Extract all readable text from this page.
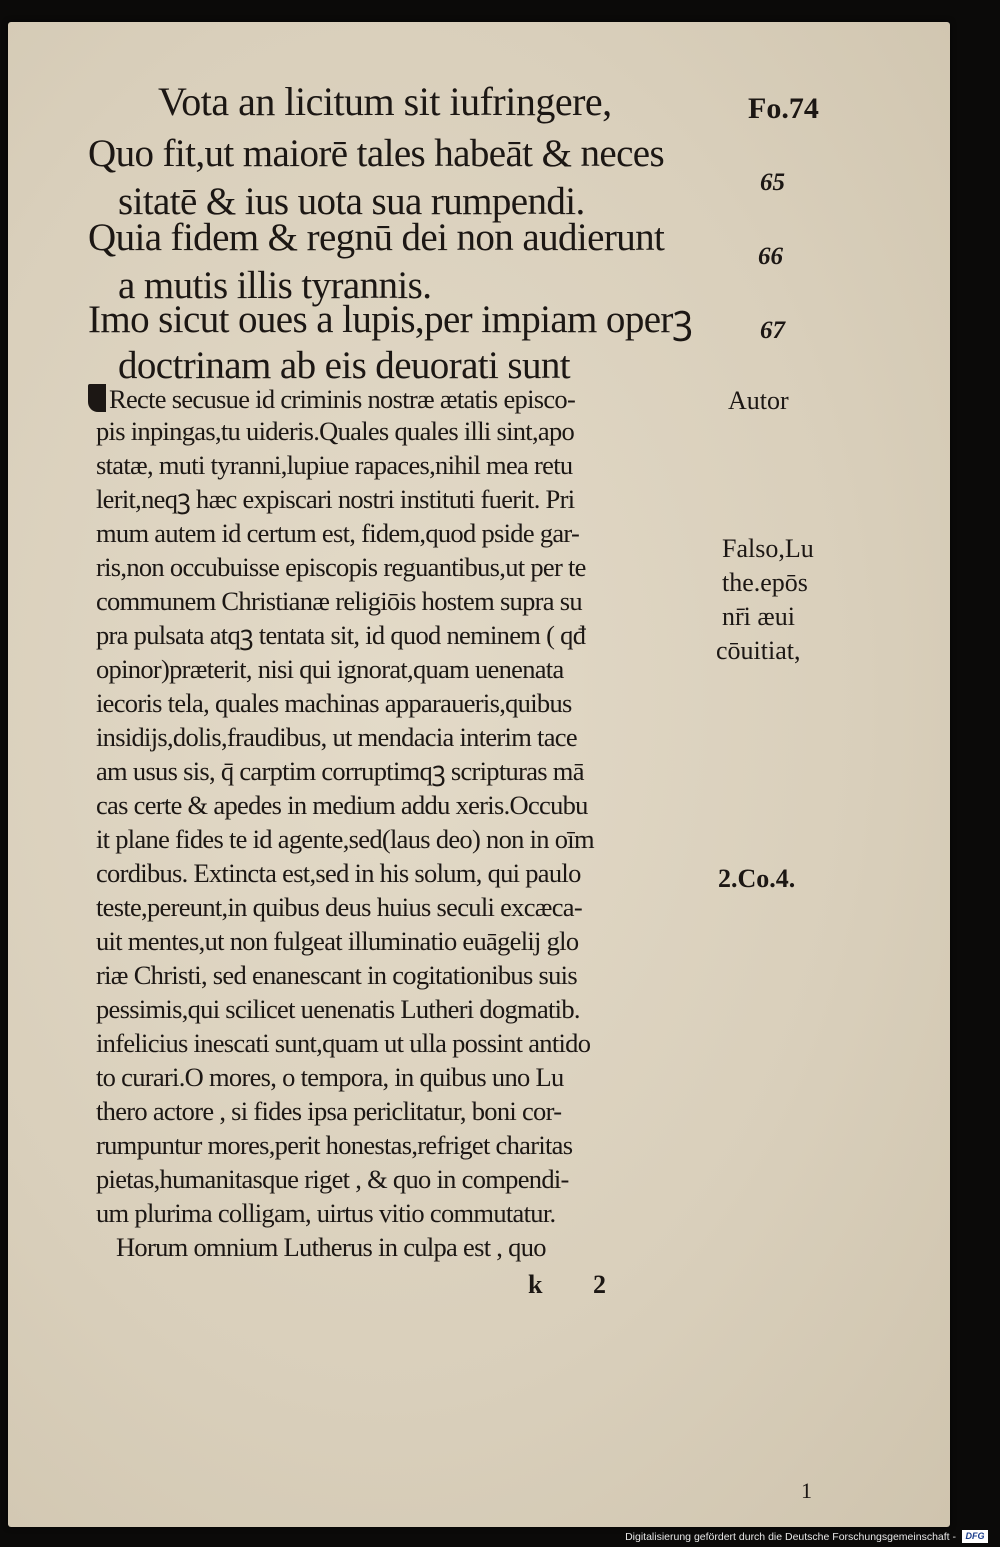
Vota an licitum sit iufringere,	Fo.74

Quo fit,ut maiorē tales habeāt & neces

sitatē & ius uota sua rumpendi.	65

Quia fidem & regnū dei non audierunt

a mutis illis tyrannis.

66

Imo sicut oues a lupis,per impiam operꝫ

doctrinam ab eis deuorati sunt

67

Recte secusue id criminis nostræ ætatis episco-

pis inpingas,tu uideris.Quales quales illi sint,apo

statæ, muti tyranni,lupiue rapaces,nihil mea retu

lerit,neqꝫ hæc expiscari nostri instituti fuerit. Pri

mum autem id certum est, fidem,quod pside gar-

ris,non occubuisse episcopis reguantibus,ut per te

communem Christianæ religiōis hostem supra su

pra pulsata atqꝫ tentata sit, id quod neminem ( qđ

opinor)præterit, nisi qui ignorat,quam uenenata

iecoris tela, quales machinas apparaueris,quibus

insidijs,dolis,fraudibus, ut mendacia interim tace

am usus sis, q̄ carptim corruptimqꝫ scripturas mā

cas certe & apedes in medium addu xeris.Occubu

it plane fides te id agente,sed(laus deo) non in oīm

cordibus. Extincta est,sed in his solum, qui paulo

teste,pereunt,in quibus deus huius seculi excæca-

uit mentes,ut non fulgeat illuminatio euāgelij glo

riæ Christi, sed enanescant in cogitationibus suis

pessimis,qui scilicet uenenatis Lutheri dogmatib.

infelicius inescati sunt,quam ut ulla possint antido

to curari.O mores, o tempora, in quibus uno Lu

thero actore , si fides ipsa periclitatur, boni cor-

rumpuntur mores,perit honestas,refriget charitas

pietas,humanitasque riget , & quo in compendi-

um plurima colligam, uirtus vitio commutatur.

Horum omnium Lutherus in culpa est , quo

k 2

Autor

Falso,Lu

the.epōs

nr̄i æui

cōuitiat,

2.Co.4.

1
Digitalisierung gefördert durch die Deutsche Forschungsgemeinschaft -	DFG
